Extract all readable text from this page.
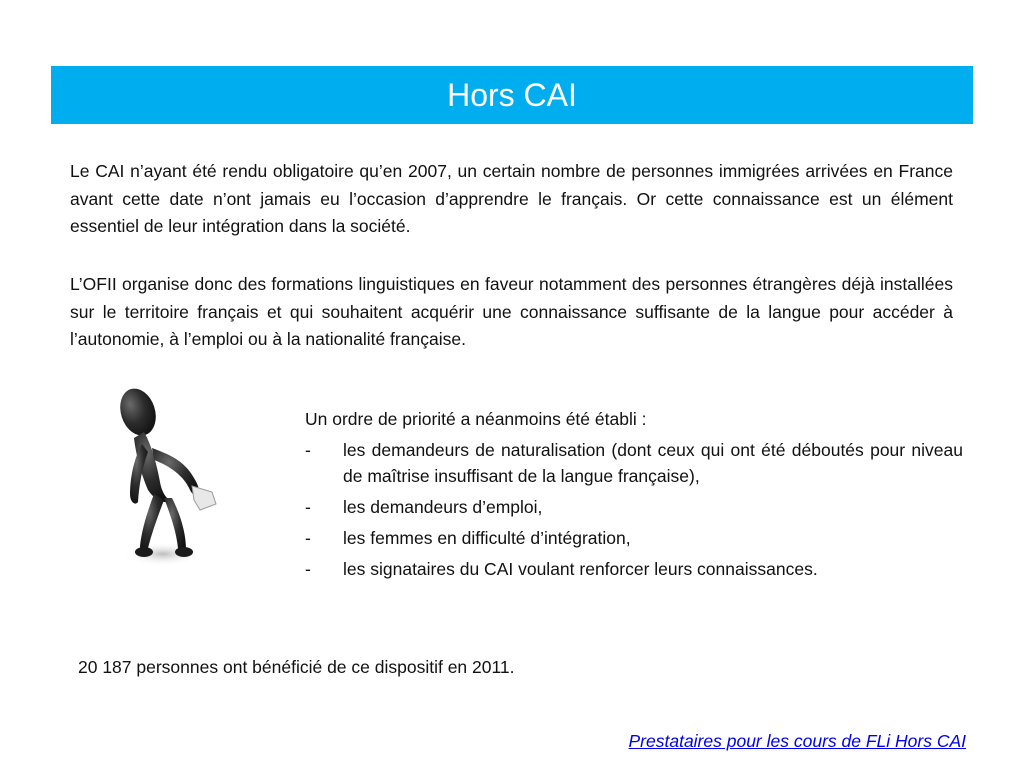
Hors CAI

Le CAI n’ayant été rendu obligatoire qu’en 2007, un certain nombre de personnes immigrées arrivées en France avant cette date n’ont jamais eu l’occasion d’apprendre le français. Or cette connaissance est un élément essentiel de leur intégration dans la société.

L’OFII organise donc des formations linguistiques en faveur notamment des personnes étrangères déjà installées sur le territoire français et qui souhaitent acquérir une connaissance suffisante de la langue pour accéder à l’autonomie, à l’emploi ou à la nationalité française.

Un ordre de priorité a néanmoins été établi :

-	les demandeurs de naturalisation (dont ceux qui ont été déboutés pour niveau de maîtrise insuffisant de la langue française),
-	les demandeurs d’emploi,
-	les femmes en difficulté d’intégration,
-	les signataires du CAI voulant renforcer leurs connaissances.

20 187 personnes ont bénéficié de ce dispositif en 2011.

Prestataires pour les cours de FLi Hors CAI
